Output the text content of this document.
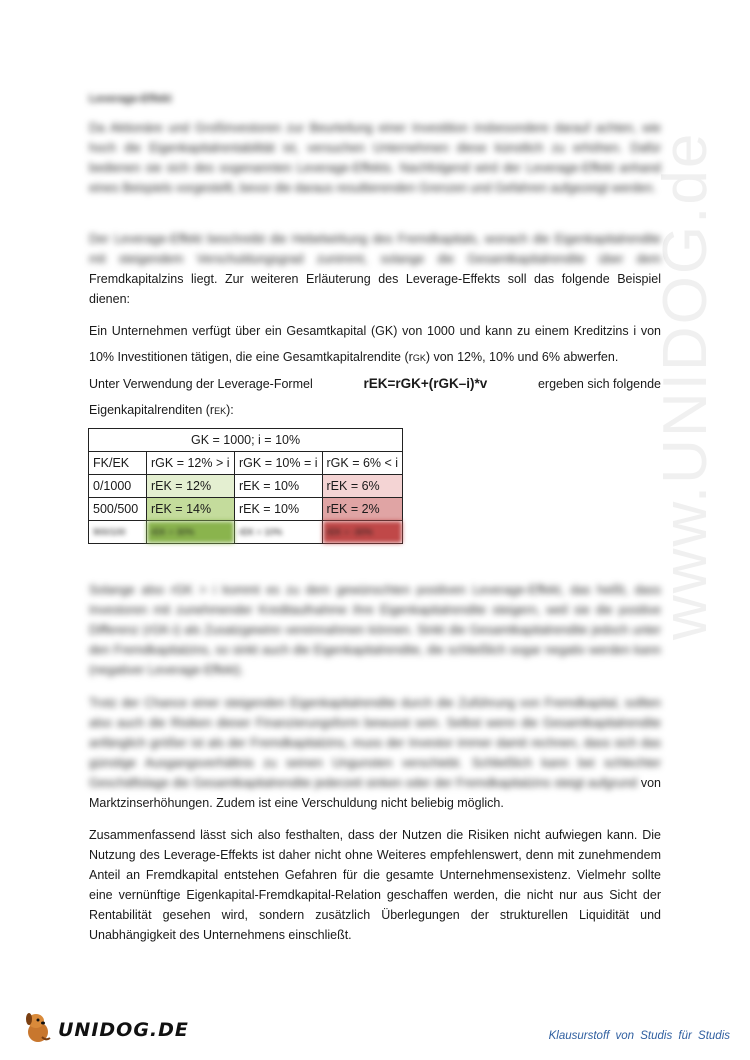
www.UNIDOG.de
Leverage-Effekt
Da Aktionäre und Großinvestoren zur Beurteilung einer Investition insbesondere darauf achten, wie hoch die Eigenkapitalrentabilität ist, versuchen Unternehmen diese künstlich zu erhöhen. Dafür bedienen sie sich des sogenannten Leverage-Effekts. Nachfolgend wird der Leverage-Effekt anhand eines Beispiels vorgestellt, bevor die daraus resultierenden Grenzen und Gefahren aufgezeigt werden.
Der Leverage-Effekt beschreibt die Hebelwirkung des Fremdkapitals, wonach die Eigenkapitalrendite mit steigendem Verschuldungsgrad zunimmt, solange die Gesamtkapitalrendite über dem Fremdkapitalzins liegt. Zur weiteren Erläuterung des Leverage-Effekts soll das folgende Beispiel dienen:
Ein Unternehmen verfügt über ein Gesamtkapital (GK) von 1000 und kann zu einem Kreditzins i von 10% Investitionen tätigen, die eine Gesamtkapitalrendite (rGK) von 12%, 10% und 6% abwerfen.
Unter Verwendung der Leverage-Formel	rEK=rGK+(rGK–i)*v	ergeben sich folgende
Eigenkapitalrenditen (rEK):
GK = 1000; i = 10%			
FK/EK	rGK = 12% > i	rGK = 10% = i	rGK = 6% < i
0/1000	rEK = 12%	rEK = 10%	rEK = 6%
500/500	rEK = 14%	rEK = 10%	rEK = 2%
900/100	rEK = 30%	rEK = 10%	rEK = -30%
Solange also rGK > i kommt es zu dem gewünschten positiven Leverage-Effekt, das heißt, dass Investoren mit zunehmender Kreditaufnahme ihre Eigenkapitalrendite steigern, weil sie die positive Differenz (rGK-i) als Zusatzgewinn vereinnahmen können. Sinkt die Gesamtkapitalrendite jedoch unter den Fremdkapitalzins, so sinkt auch die Eigenkapitalrendite, die schließlich sogar negativ werden kann (negativer Leverage-Effekt).
Trotz der Chance einer steigenden Eigenkapitalrendite durch die Zuführung von Fremdkapital, sollten also auch die Risiken dieser Finanzierungsform bewusst sein. Selbst wenn die Gesamtkapitalrendite anfänglich größer ist als der Fremdkapitalzins, muss der Investor immer damit rechnen, dass sich das günstige Ausgangsverhältnis zu seinen Ungunsten verschiebt. Schließlich kann bei schlechter Geschäftslage die Gesamtkapitalrendite jederzeit sinken oder der Fremdkapitalzins steigt aufgrund von Marktzinserhöhungen. Zudem ist eine Verschuldung nicht beliebig möglich.
Zusammenfassend lässt sich also festhalten, dass der Nutzen die Risiken nicht aufwiegen kann. Die Nutzung des Leverage-Effekts ist daher nicht ohne Weiteres empfehlenswert, denn mit zunehmendem Anteil an Fremdkapital entstehen Gefahren für die gesamte Unternehmensexistenz. Vielmehr sollte eine vernünftige Eigenkapital-Fremdkapital-Relation geschaffen werden, die nicht nur aus Sicht der Rentabilität gesehen wird, sondern zusätzlich Überlegungen der strukturellen Liquidität und Unabhängigkeit des Unternehmens einschließt.
UNIDOG.DE	Klausurstoff von Studis für Studis
